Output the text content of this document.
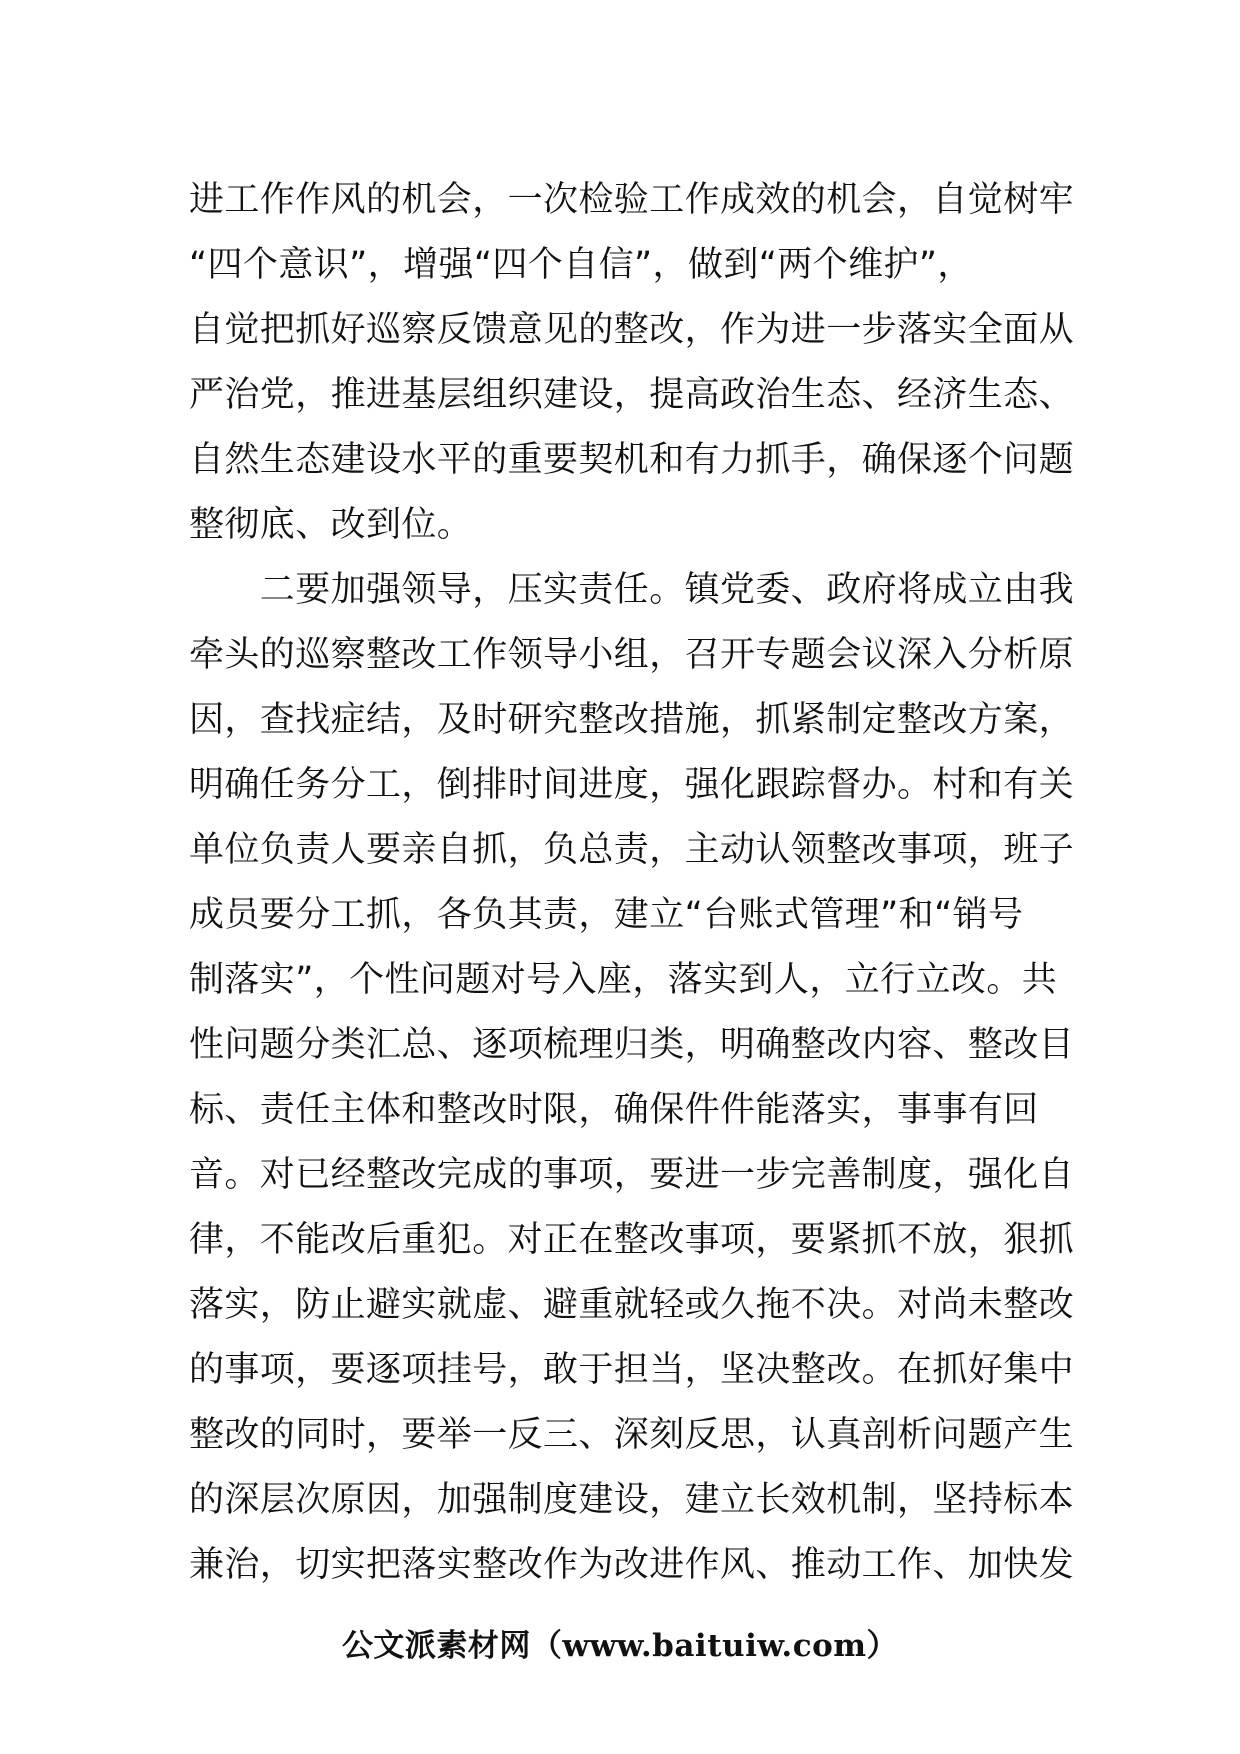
进工作作风的机会，一次检验工作成效的机会，自觉树牢
“四个意识”，增强“四个自信”，做到“两个维护”，
自觉把抓好巡察反馈意见的整改，作为进一步落实全面从
严治党，推进基层组织建设，提高政治生态、经济生态、
自然生态建设水平的重要契机和有力抓手，确保逐个问题
整彻底、改到位。
　　二要加强领导，压实责任。镇党委、政府将成立由我
牵头的巡察整改工作领导小组，召开专题会议深入分析原
因，查找症结，及时研究整改措施，抓紧制定整改方案，
明确任务分工，倒排时间进度，强化跟踪督办。村和有关
单位负责人要亲自抓，负总责，主动认领整改事项，班子
成员要分工抓，各负其责，建立“台账式管理”和“销号
制落实”，个性问题对号入座，落实到人，立行立改。共
性问题分类汇总、逐项梳理归类，明确整改内容、整改目
标、责任主体和整改时限，确保件件能落实，事事有回
音。对已经整改完成的事项，要进一步完善制度，强化自
律，不能改后重犯。对正在整改事项，要紧抓不放，狠抓
落实，防止避实就虚、避重就轻或久拖不决。对尚未整改
的事项，要逐项挂号，敢于担当，坚决整改。在抓好集中
整改的同时，要举一反三、深刻反思，认真剖析问题产生
的深层次原因，加强制度建设，建立长效机制，坚持标本
兼治，切实把落实整改作为改进作风、推动工作、加快发
公文派素材网（www.baituiw.com）
